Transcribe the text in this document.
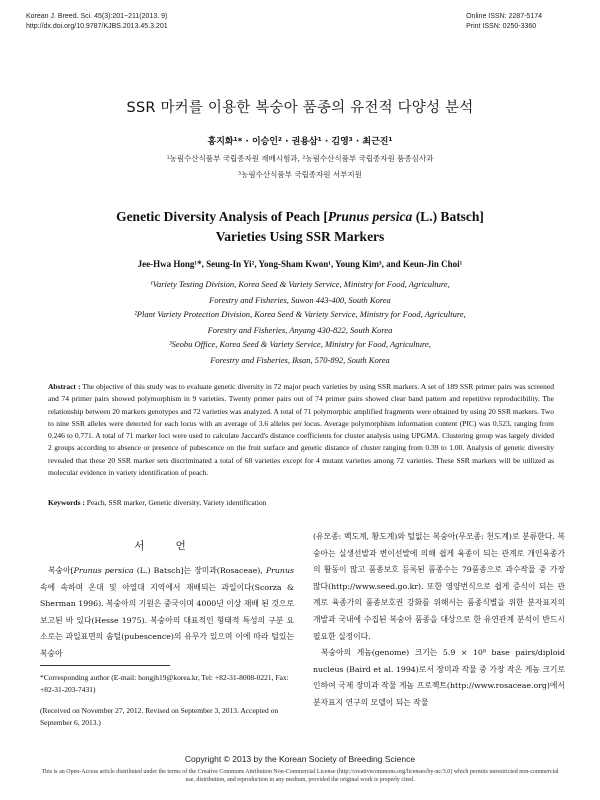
Korean J. Breed. Sci. 45(3):201~211(2013. 9)
http://dx.doi.org/10.9787/KJBS.2013.45.3.201
Online ISSN: 2287-5174
Print ISSN: 0250-3360
SSR 마커를 이용한 복숭아 품종의 유전적 다양성 분석
홍지화¹* · 이승인² · 권용삼¹ · 김영³ · 최근진¹
¹농림수산식품부 국립종자원 재배시험과, ²농림수산식품부 국립종자원 품종심사과
³농림수산식품부 국립종자원 서부지원
Genetic Diversity Analysis of Peach [Prunus persica (L.) Batsch]
Varieties Using SSR Markers
Jee-Hwa Hong¹*, Seung-In Yi², Yong-Sham Kwon¹, Young Kim³, and Keun-Jin Choi¹
¹Variety Testing Division, Korea Seed & Variety Service, Ministry for Food, Agriculture,
Forestry and Fisheries, Suwon 443-400, South Korea
²Plant Variety Protection Division, Korea Seed & Variety Service, Ministry for Food, Agriculture,
Forestry and Fisheries, Anyang 430-822, South Korea
³Seobu Office, Korea Seed & Variety Service, Ministry for Food, Agriculture,
Forestry and Fisheries, Iksan, 570-892, South Korea
Abstract : The objective of this study was to evaluate genetic diversity in 72 major peach varieties by using SSR markers. A set of 189 SSR primer pairs was screened and 74 primer pairs showed polymorphism in 9 varieties. Twenty primer pairs out of 74 primer pairs showed clear band pattern and repetitive reproducibility. The relationship between 20 markers genotypes and 72 varieties was analyzed. A total of 71 polymorphic amplified fragments were obtained by using 20 SSR markers. Two to nine SSR alleles were detected for each locus with an average of 3.6 alleles per locus. Average polymorphism information content (PIC) was 0.523, ranging from 0.246 to 0.771. A total of 71 marker loci were used to calculate Jaccard's distance coefficients for cluster analysis using UPGMA. Clustering group was largely divided 2 groups according to absence or presence of pubescence on the fruit surface and genetic distance of cluster ranging from 0.39 to 1.00. Analysis of genetic diversity revealed that these 20 SSR marker sets discriminated a total of 68 varieties except for 4 mutant varieties among 72 varieties. These SSR markers will be utilized as molecular evidence in variety identification of peach.
Keywords : Peach, SSR marker, Genetic diversity, Variety identification
서 언

복숭아[Prunus persica (L.) Batsch]는 장미과(Rosaceae), Prunus속에 속하며 온대 및 아열대 지역에서 재배되는 과일이다(Scorza & Sherman 1996). 복숭아의 기원은 중국이며 4000년 이상 재배 된 것으로 보고된 바 있다(Hesse 1975). 복숭아의 대표적인 형태적 특성의 구분 요소로는 과일표면의 솜털(pubescence)의 유무가 있으며 이에 따라 털있는 복숭아

*Corresponding author (E-mail: hongjh19@korea.kr, Tel: +82-31-8008-0221, Fax: +82-31-203-7431)
(Received on November 27, 2012. Revised on September 3, 2013. Accepted on September 6, 2013.)

(유모종: 백도계, 황도계)와 털없는 복숭아(무모종: 천도계)로 분류한다. 복숭아는 실생선발과 변이선발에 의해 쉽게 육종이 되는 관계로 개인육종가의 활동이 많고 품종보호 등록된 품종수는 79품종으로 과수작물 중 가장 많다(http://www.seed.go.kr). 또한 영양번식으로 쉽게 증식이 되는 관계로 육종가의 품종보호권 강화를 위해서는 품종식별을 위한 분자표지의 개발과 국내에 수집된 복숭아 품종을 대상으로 한 유연관계 분석이 반드시 필요한 실정이다.

복숭아의 게놈(genome) 크기는 5.9 × 10⁸ base pairs/diploid nucleus (Baird et al. 1994)로서 장미과 작물 중 가장 작은 게놈 크기로 인하여 국제 장미과 작물 게놈 프로젝트(http://www.rosaceae.org)에서 분자표지 연구의 모델이 되는 작물

Copyright © 2013 by the Korean Society of Breeding Science
This is an Open-Access article distributed under the terms of the Creative Commons Attribution Non-Commercial License (http://creativecommons.org/licenses/by-nc/3.0) which permits unrestricted non-commercial use, distribution, and reproduction in any medium, provided the original work is properly cited.
